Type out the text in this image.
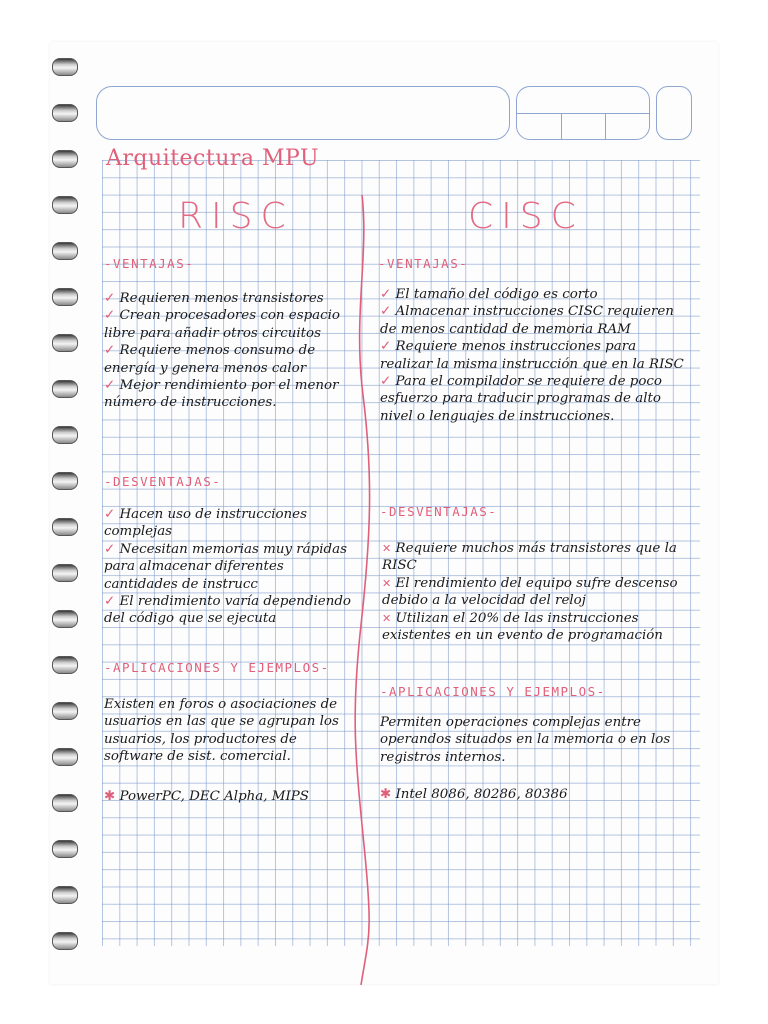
Arquitectura MPU
RISC	CISC
-VENTAJAS-

✓ Requieren menos transistores

✓ Crean procesadores con espacio libre para añadir otros circuitos

✓ Requiere menos consumo de energía y genera menos calor

✓ Mejor rendimiento por el menor número de instrucciones.

-DESVENTAJAS-

✓ Hacen uso de instrucciones complejas

✓ Necesitan memorias muy rápidas para almacenar diferentes cantidades de instrucc

✓ El rendimiento varía dependiendo del código que se ejecuta

-APLICACIONES Y EJEMPLOS-
Existen en foros o asociaciones de usuarios en las que se agrupan los usuarios, los productores de software de sist. comercial.
✱ PowerPC, DEC Alpha, MIPS
-VENTAJAS-

✓ El tamaño del código es corto

✓ Almacenar instrucciones CISC requieren de menos cantidad de memoria RAM

✓ Requiere menos instrucciones para realizar la misma instrucción que en la RISC

✓ Para el compilador se requiere de poco esfuerzo para traducir programas de alto nivel o lenguajes de instrucciones.

-DESVENTAJAS-

✕ Requiere muchos más transistores que la RISC

✕ El rendimiento del equipo sufre descenso debido a la velocidad del reloj

✕ Utilizan el 20% de las instrucciones existentes en un evento de programación

-APLICACIONES Y EJEMPLOS-
Permiten operaciones complejas entre operandos situados en la memoria o en los registros internos.
✱ Intel 8086, 80286, 80386
